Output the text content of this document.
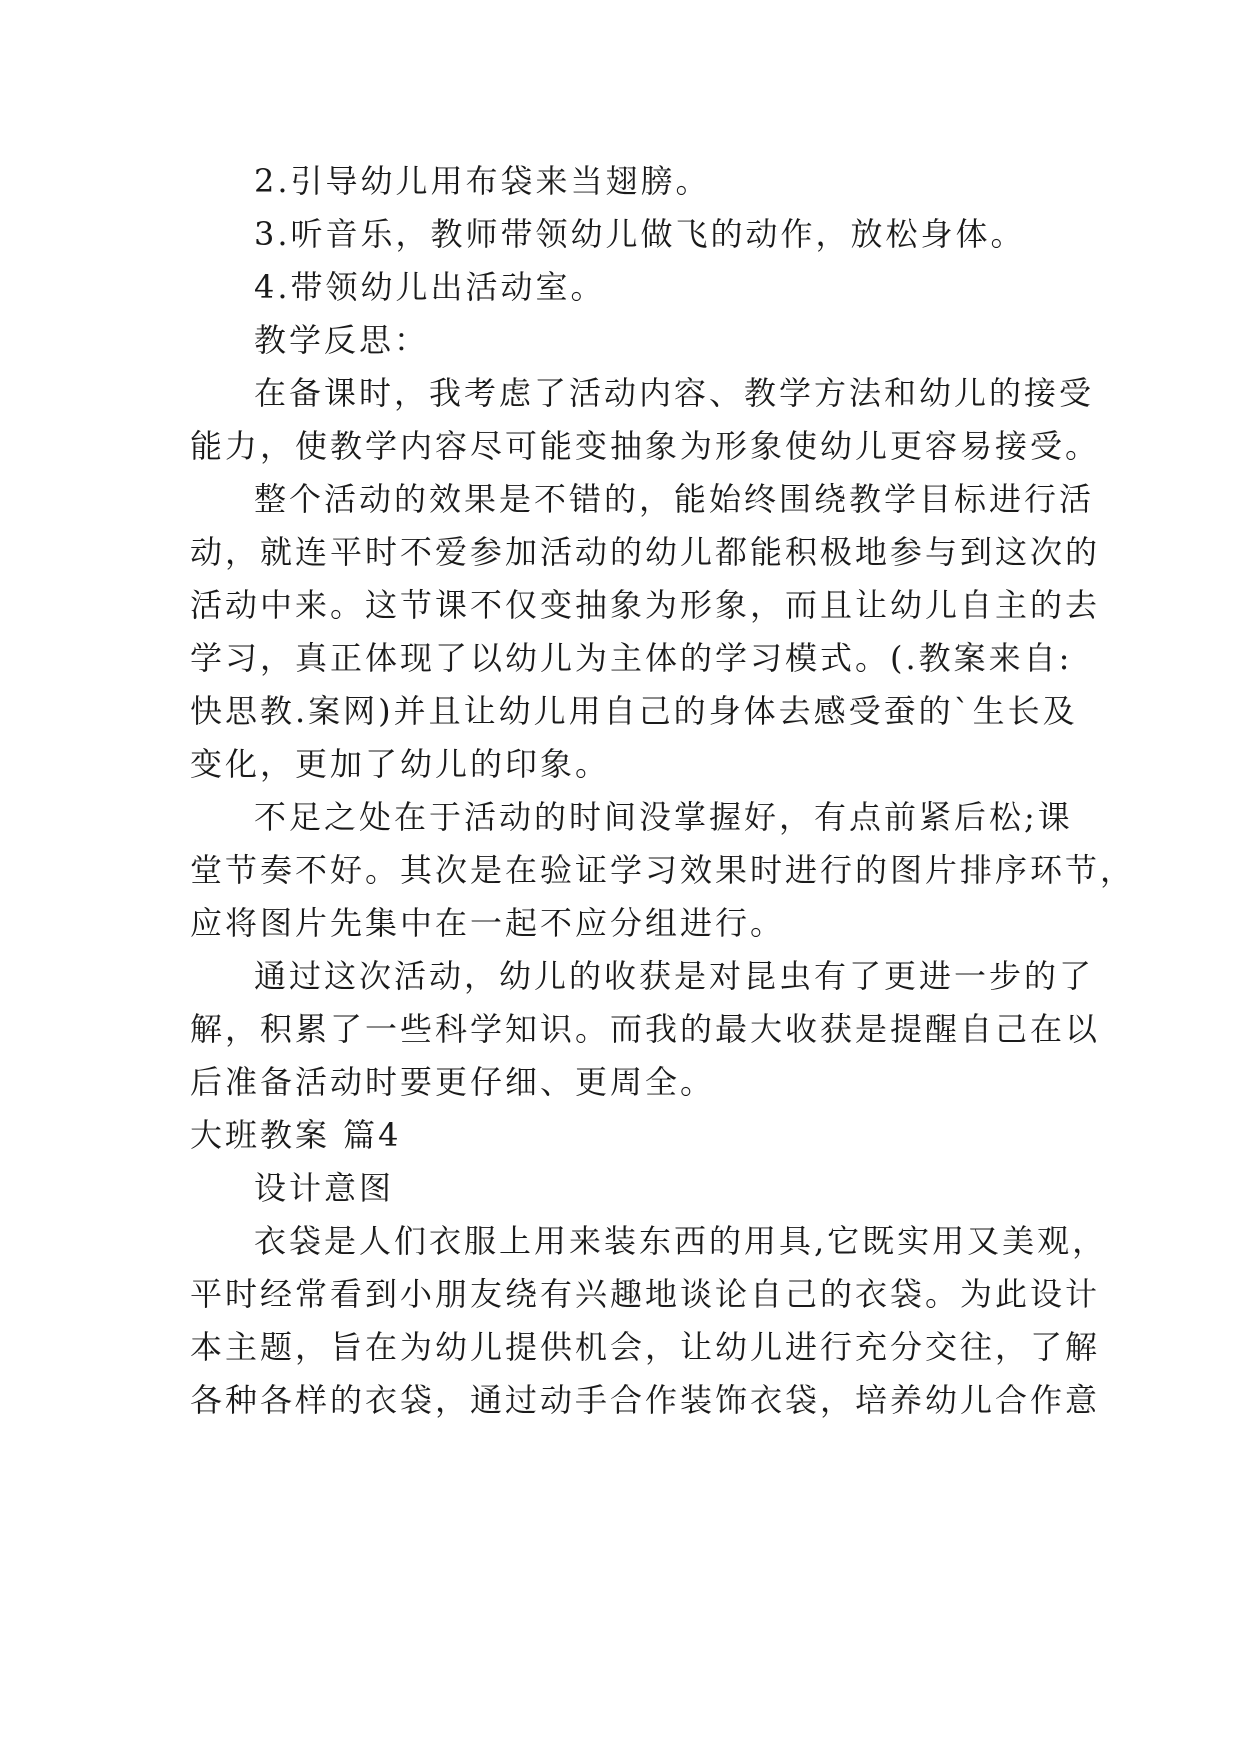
2.引导幼儿用布袋来当翅膀。
3.听音乐，教师带领幼儿做飞的动作，放松身体。
4.带领幼儿出活动室。
教学反思：
在备课时，我考虑了活动内容、教学方法和幼儿的接受
能力，使教学内容尽可能变抽象为形象使幼儿更容易接受。
整个活动的效果是不错的，能始终围绕教学目标进行活
动，就连平时不爱参加活动的幼儿都能积极地参与到这次的
活动中来。这节课不仅变抽象为形象，而且让幼儿自主的去
学习，真正体现了以幼儿为主体的学习模式。(.教案来自:
快思教.案网)并且让幼儿用自己的身体去感受蚕的`生长及
变化，更加了幼儿的印象。
不足之处在于活动的时间没掌握好，有点前紧后松;课
堂节奏不好。其次是在验证学习效果时进行的图片排序环节，
应将图片先集中在一起不应分组进行。
通过这次活动，幼儿的收获是对昆虫有了更进一步的了
解，积累了一些科学知识。而我的最大收获是提醒自己在以
后准备活动时要更仔细、更周全。
大班教案 篇4
设计意图
衣袋是人们衣服上用来装东西的用具,它既实用又美观，
平时经常看到小朋友绕有兴趣地谈论自己的衣袋。为此设计
本主题，旨在为幼儿提供机会，让幼儿进行充分交往，了解
各种各样的衣袋，通过动手合作装饰衣袋，培养幼儿合作意
